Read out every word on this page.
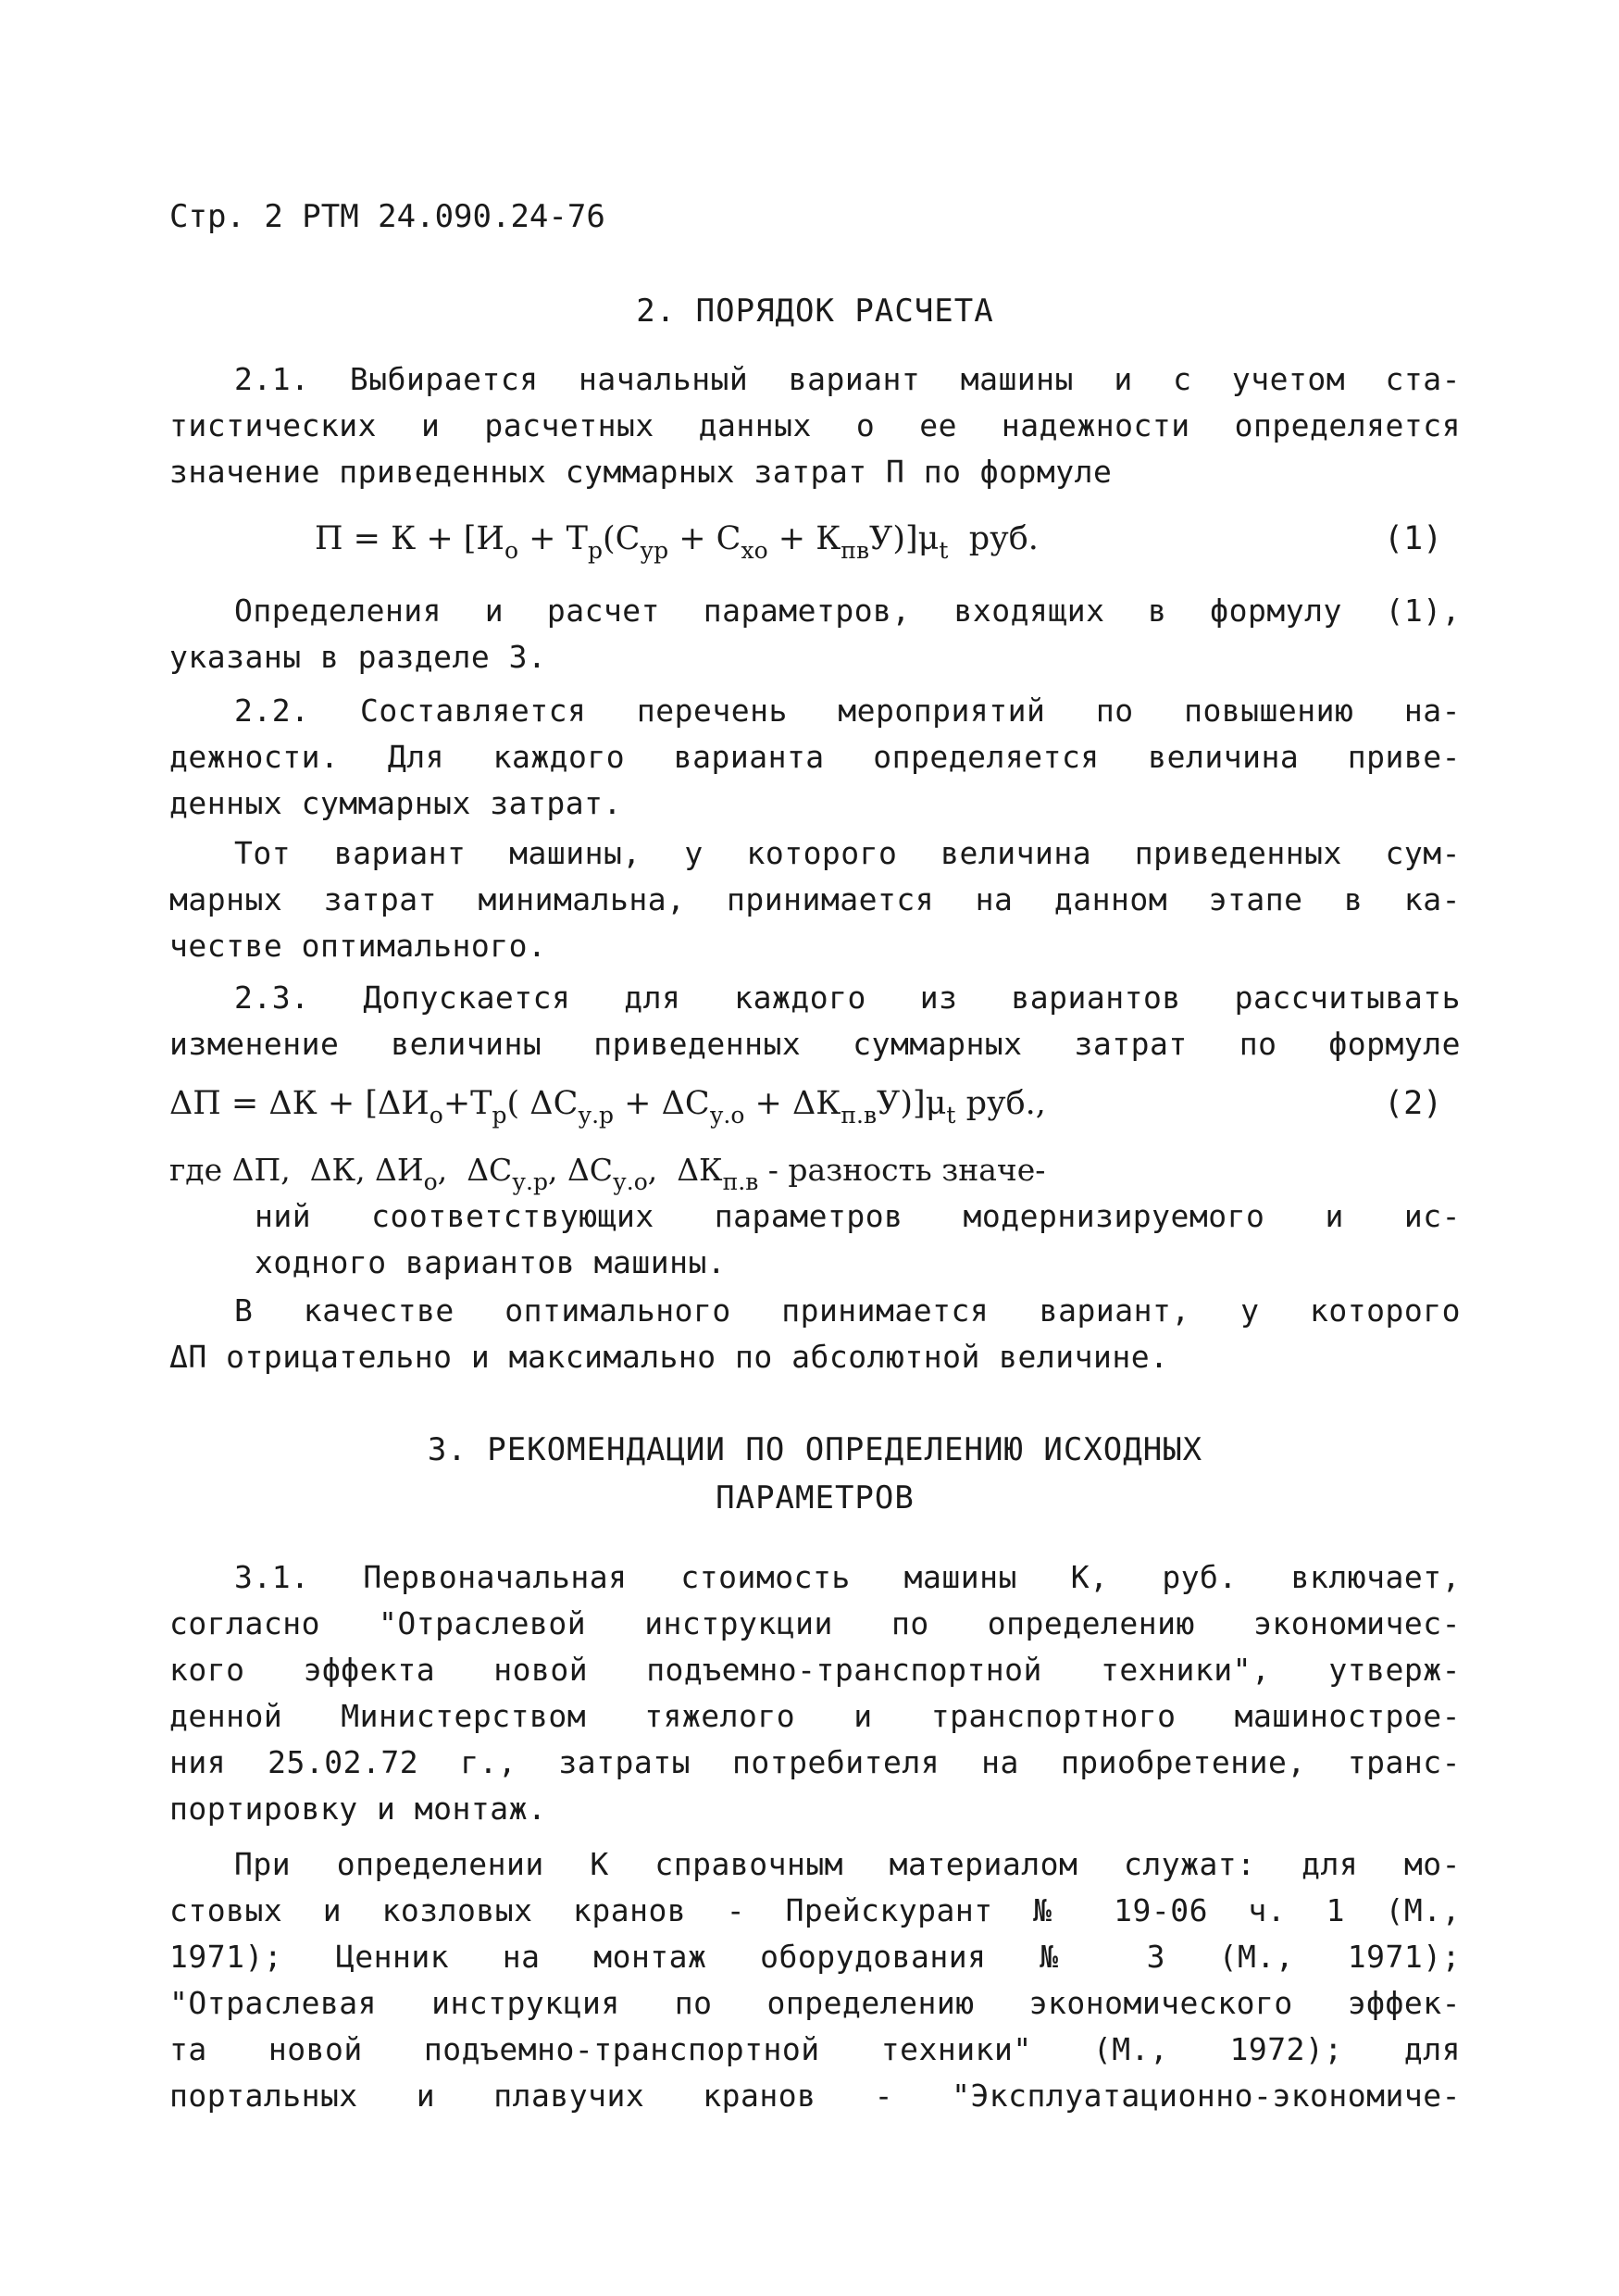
Стр. 2 РТМ 24.090.24-76
2. ПОРЯДОК РАСЧЕТА
2.1. Выбирается начальный вариант машины и с учетом ста-
тистических и расчетных данных о ее надежности определяется
значение приведенных суммарных затрат П по формуле
$П = К + [И_о + Т_р(С_{ур} + С_{хо} + К_{пв}У)]\mu_t$ руб.	(1)
Определения и расчет параметров, входящих в формулу (1),
указаны в разделе 3.
2.2. Составляется перечень мероприятий по повышению на-
дежности. Для каждого варианта определяется величина приве-
денных суммарных затрат.
Тот вариант машины, у которого величина приведенных сум-
марных затрат минимальна, принимается на данном этапе в ка-
честве оптимального.
2.3. Допускается для каждого из вариантов рассчитывать
изменение величины приведенных суммарных затрат по формуле
$\Delta П = \Delta К + [\Delta И_о+Т_р$( $\Delta С_{у.р} + \Delta С_{у.о} + \Delta К_{п.в}У)]\mu_t$ руб.,	(2)
где ΔП,  ΔК, $\Delta И_о$,  $\Delta С_{у.р}$, $\Delta С_{у.о}$,  $\Delta К_{п.в}$ - разность значе-
ний соответствующих параметров модернизируемого и ис-
ходного вариантов машины.
В качестве оптимального принимается вариант, у которого
ΔП отрицательно и максимально по абсолютной величине.
3. РЕКОМЕНДАЦИИ ПО ОПРЕДЕЛЕНИЮ ИСХОДНЫХ
ПАРАМЕТРОВ
3.1. Первоначальная стоимость машины К, руб. включает,
согласно "Отраслевой инструкции по определению экономичес-
кого эффекта новой подъемно-транспортной техники", утверж-
денной Министерством тяжелого и транспортного машинострое-
ния 25.02.72 г., затраты потребителя на приобретение, транс-
портировку и монтаж.
При определении К справочным материалом служат: для мо-
стовых и козловых кранов - Прейскурант № 19-06 ч. 1 (М.,
1971); Ценник на монтаж оборудования № 3 (М., 1971);
"Отраслевая инструкция по определению экономического эффек-
та новой подъемно-транспортной техники" (М., 1972); для
портальных и плавучих кранов - "Эксплуатационно-экономиче-
